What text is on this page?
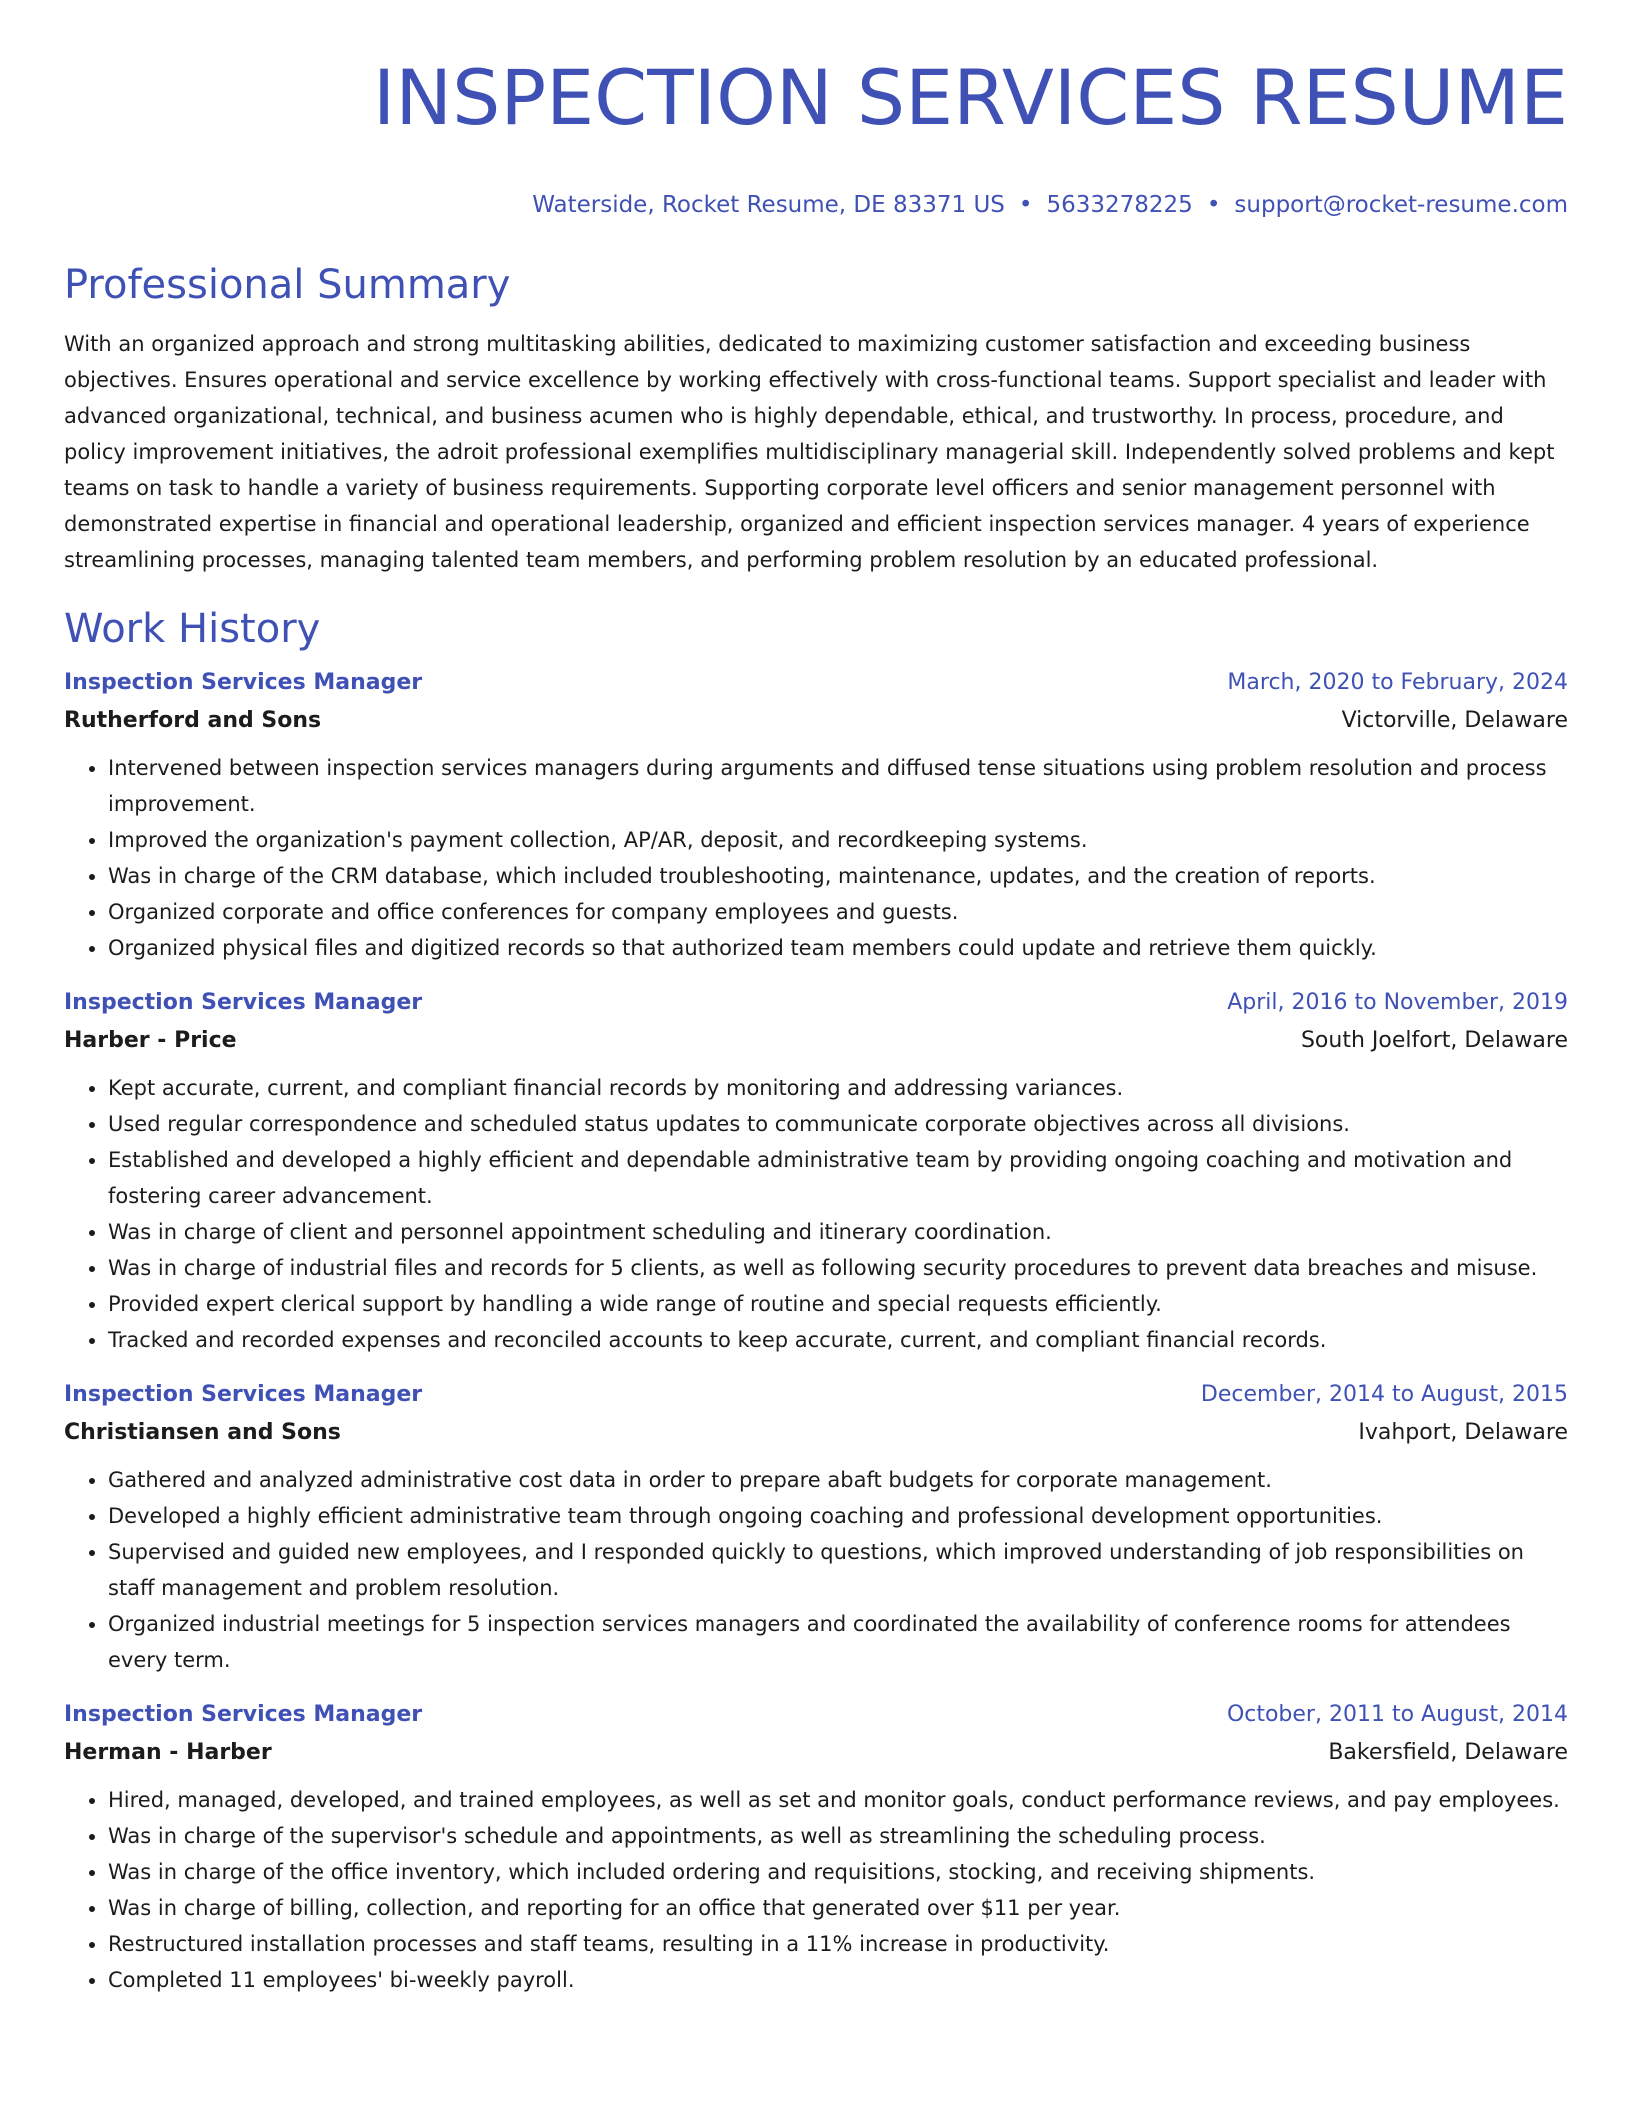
INSPECTION SERVICES RESUME
Waterside, Rocket Resume, DE 83371 US • 5633278225 • support@rocket-resume.com
Professional Summary
With an organized approach and strong multitasking abilities, dedicated to maximizing customer satisfaction and exceeding business objectives. Ensures operational and service excellence by working effectively with cross-functional teams. Support specialist and leader with advanced organizational, technical, and business acumen who is highly dependable, ethical, and trustworthy. In process, procedure, and policy improvement initiatives, the adroit professional exemplifies multidisciplinary managerial skill. Independently solved problems and kept teams on task to handle a variety of business requirements. Supporting corporate level officers and senior management personnel with demonstrated expertise in financial and operational leadership, organized and efficient inspection services manager. 4 years of experience streamlining processes, managing talented team members, and performing problem resolution by an educated professional.
Work History
Inspection Services Manager	March, 2020 to February, 2024
Rutherford and Sons	Victorville, Delaware
• Intervened between inspection services managers during arguments and diffused tense situations using problem resolution and process improvement.
• Improved the organization's payment collection, AP/AR, deposit, and recordkeeping systems.
• Was in charge of the CRM database, which included troubleshooting, maintenance, updates, and the creation of reports.
• Organized corporate and office conferences for company employees and guests.
• Organized physical files and digitized records so that authorized team members could update and retrieve them quickly.
Inspection Services Manager	April, 2016 to November, 2019
Harber - Price	South Joelfort, Delaware
• Kept accurate, current, and compliant financial records by monitoring and addressing variances.
• Used regular correspondence and scheduled status updates to communicate corporate objectives across all divisions.
• Established and developed a highly efficient and dependable administrative team by providing ongoing coaching and motivation and fostering career advancement.
• Was in charge of client and personnel appointment scheduling and itinerary coordination.
• Was in charge of industrial files and records for 5 clients, as well as following security procedures to prevent data breaches and misuse.
• Provided expert clerical support by handling a wide range of routine and special requests efficiently.
• Tracked and recorded expenses and reconciled accounts to keep accurate, current, and compliant financial records.
Inspection Services Manager	December, 2014 to August, 2015
Christiansen and Sons	Ivahport, Delaware
• Gathered and analyzed administrative cost data in order to prepare abaft budgets for corporate management.
• Developed a highly efficient administrative team through ongoing coaching and professional development opportunities.
• Supervised and guided new employees, and I responded quickly to questions, which improved understanding of job responsibilities on staff management and problem resolution.
• Organized industrial meetings for 5 inspection services managers and coordinated the availability of conference rooms for attendees every term.
Inspection Services Manager	October, 2011 to August, 2014
Herman - Harber	Bakersfield, Delaware
• Hired, managed, developed, and trained employees, as well as set and monitor goals, conduct performance reviews, and pay employees.
• Was in charge of the supervisor's schedule and appointments, as well as streamlining the scheduling process.
• Was in charge of the office inventory, which included ordering and requisitions, stocking, and receiving shipments.
• Was in charge of billing, collection, and reporting for an office that generated over $11 per year.
• Restructured installation processes and staff teams, resulting in a 11% increase in productivity.
• Completed 11 employees' bi-weekly payroll.
